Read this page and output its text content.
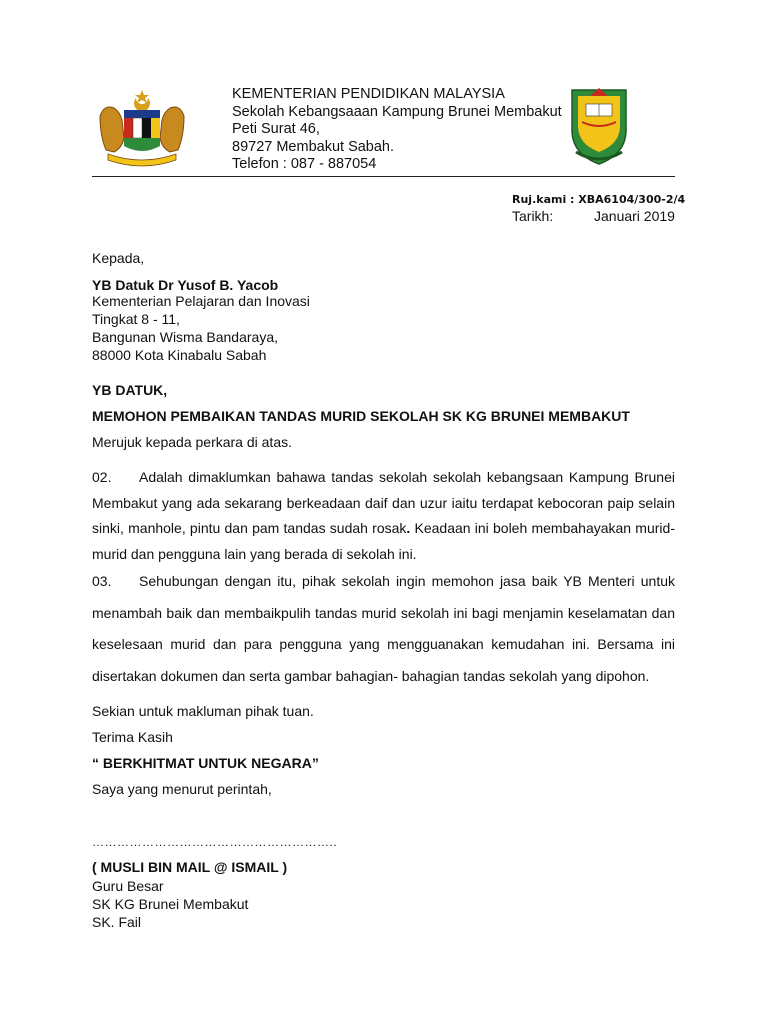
KEMENTERIAN PENDIDIKAN MALAYSIA
Sekolah Kebangsaaan Kampung Brunei Membakut
Peti Surat 46,
89727 Membakut Sabah.
Telefon : 087 - 887054
Ruj.kami : XBA6104/300-2/4
Tarikh:	Januari 2019
Kepada,
YB Datuk Dr Yusof B. Yacob
Kementerian Pelajaran dan Inovasi
Tingkat 8 - 11,
Bangunan Wisma Bandaraya,
88000 Kota Kinabalu Sabah
YB DATUK,
MEMOHON PEMBAIKAN TANDAS MURID SEKOLAH SK KG BRUNEI MEMBAKUT
Merujuk kepada perkara di atas.
02. Adalah dimaklumkan bahawa tandas sekolah sekolah kebangsaan Kampung Brunei Membakut yang ada sekarang berkeadaan daif dan uzur iaitu terdapat kebocoran paip selain sinki, manhole, pintu dan pam tandas sudah rosak. Keadaan ini boleh membahayakan murid-murid dan pengguna lain yang berada di sekolah ini.
03. Sehubungan dengan itu, pihak sekolah ingin memohon jasa baik YB Menteri untuk menambah baik dan membaikpulih tandas murid sekolah ini bagi menjamin keselamatan dan keselesaan murid dan para pengguna yang mengguanakan kemudahan ini. Bersama ini disertakan dokumen dan serta gambar bahagian- bahagian tandas sekolah yang dipohon.
Sekian untuk makluman pihak tuan.
Terima Kasih
“ BERKHITMAT UNTUK NEGARA”
Saya yang menurut perintah,
…………………………………………………..
( MUSLI BIN MAIL @ ISMAIL )
Guru Besar
SK KG Brunei Membakut
SK. Fail
